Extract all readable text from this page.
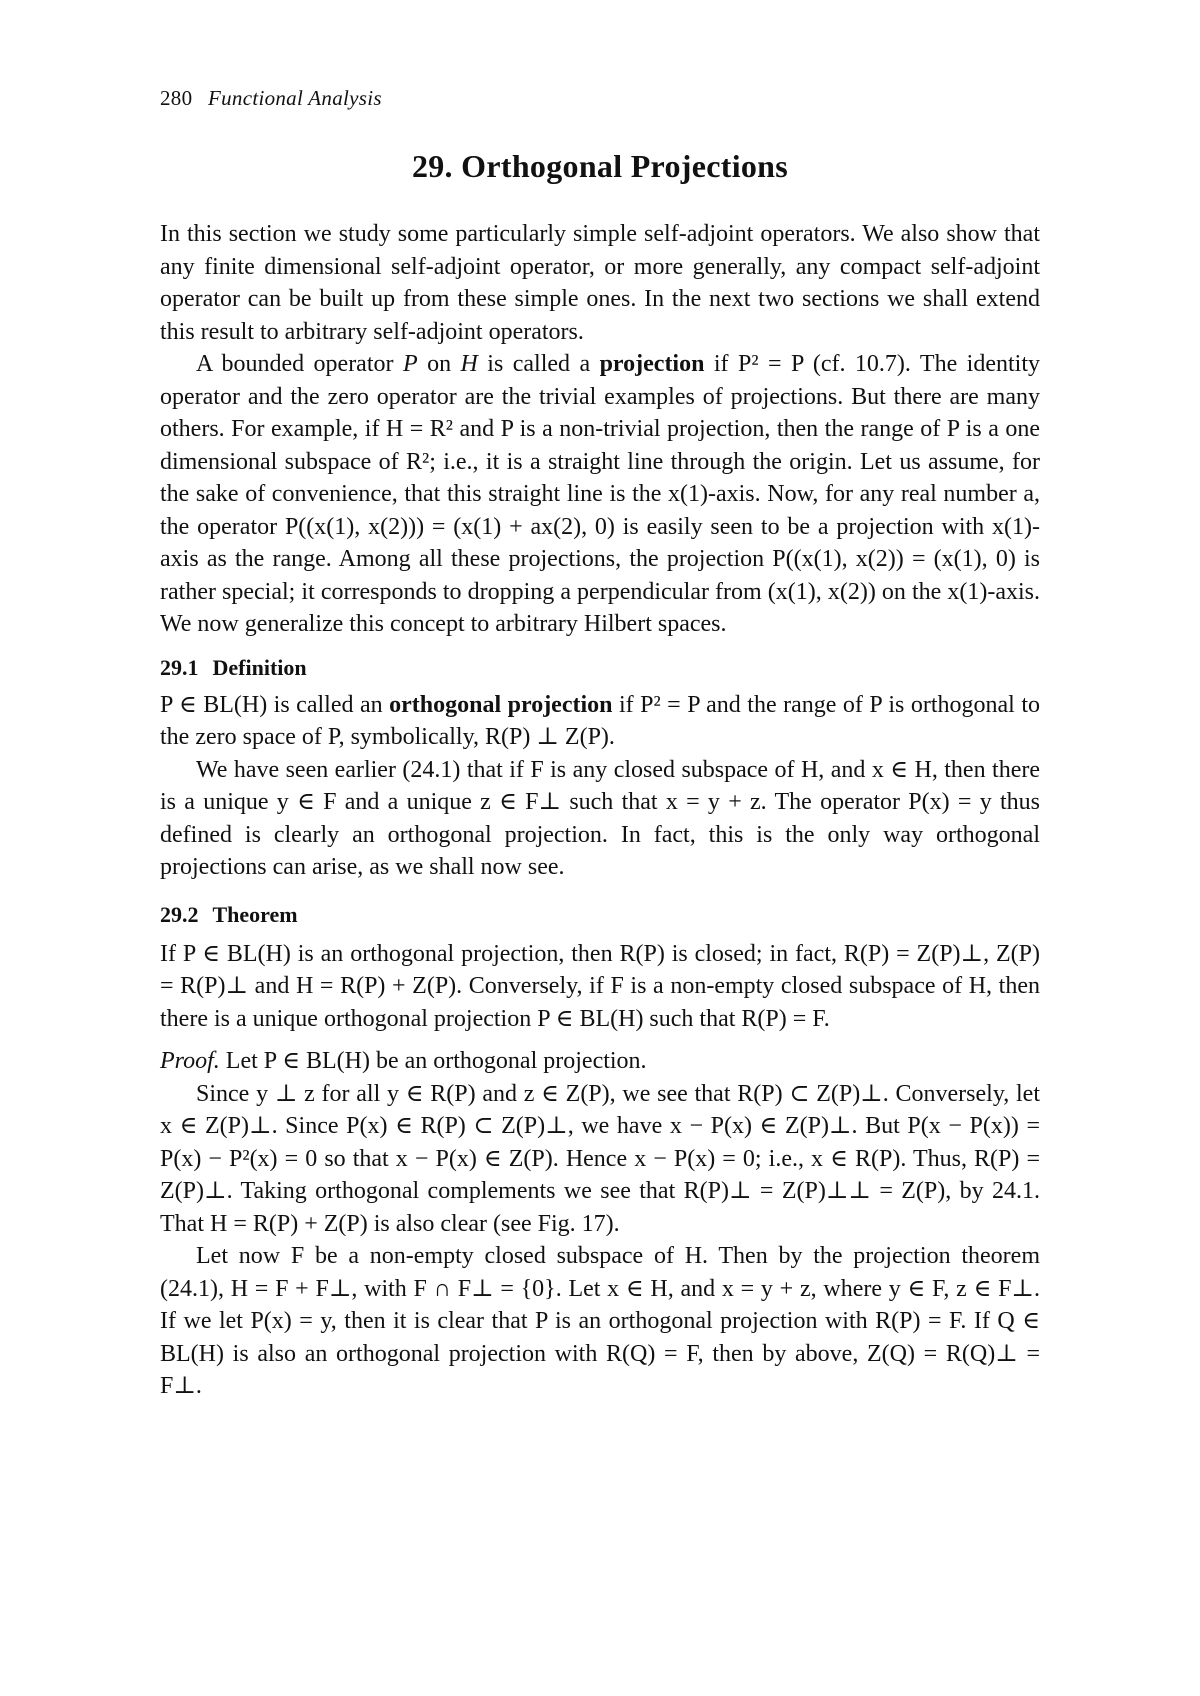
280 Functional Analysis
29. Orthogonal Projections

In this section we study some particularly simple self-adjoint operators. We also show that any finite dimensional self-adjoint operator, or more generally, any compact self-adjoint operator can be built up from these simple ones. In the next two sections we shall extend this result to arbitrary self-adjoint operators.

A bounded operator P on H is called a projection if P² = P (cf. 10.7). The identity operator and the zero operator are the trivial examples of projections. But there are many others. For example, if H = R² and P is a non-trivial projection, then the range of P is a one dimensional subspace of R²; i.e., it is a straight line through the origin. Let us assume, for the sake of convenience, that this straight line is the x(1)-axis. Now, for any real number a, the operator P((x(1), x(2))) = (x(1) + ax(2), 0) is easily seen to be a projection with x(1)-axis as the range. Among all these projections, the projection P((x(1), x(2)) = (x(1), 0) is rather special; it corresponds to dropping a perpendicular from (x(1), x(2)) on the x(1)-axis. We now generalize this concept to arbitrary Hilbert spaces.

29.1 Definition

P ∈ BL(H) is called an orthogonal projection if P² = P and the range of P is orthogonal to the zero space of P, symbolically, R(P) ⊥ Z(P).

We have seen earlier (24.1) that if F is any closed subspace of H, and x ∈ H, then there is a unique y ∈ F and a unique z ∈ F⊥ such that x = y + z. The operator P(x) = y thus defined is clearly an orthogonal projection. In fact, this is the only way orthogonal projections can arise, as we shall now see.

29.2 Theorem

If P ∈ BL(H) is an orthogonal projection, then R(P) is closed; in fact, R(P) = Z(P)⊥, Z(P) = R(P)⊥ and H = R(P) + Z(P). Conversely, if F is a non-empty closed subspace of H, then there is a unique orthogonal projection P ∈ BL(H) such that R(P) = F.

Proof. Let P ∈ BL(H) be an orthogonal projection.

Since y ⊥ z for all y ∈ R(P) and z ∈ Z(P), we see that R(P) ⊂ Z(P)⊥. Conversely, let x ∈ Z(P)⊥. Since P(x) ∈ R(P) ⊂ Z(P)⊥, we have x − P(x) ∈ Z(P)⊥. But P(x − P(x)) = P(x) − P²(x) = 0 so that x − P(x) ∈ Z(P). Hence x − P(x) = 0; i.e., x ∈ R(P). Thus, R(P) = Z(P)⊥. Taking orthogonal complements we see that R(P)⊥ = Z(P)⊥⊥ = Z(P), by 24.1. That H = R(P) + Z(P) is also clear (see Fig. 17).

Let now F be a non-empty closed subspace of H. Then by the projection theorem (24.1), H = F + F⊥, with F ∩ F⊥ = {0}. Let x ∈ H, and x = y + z, where y ∈ F, z ∈ F⊥. If we let P(x) = y, then it is clear that P is an orthogonal projection with R(P) = F. If Q ∈ BL(H) is also an orthogonal projection with R(Q) = F, then by above, Z(Q) = R(Q)⊥ = F⊥.
